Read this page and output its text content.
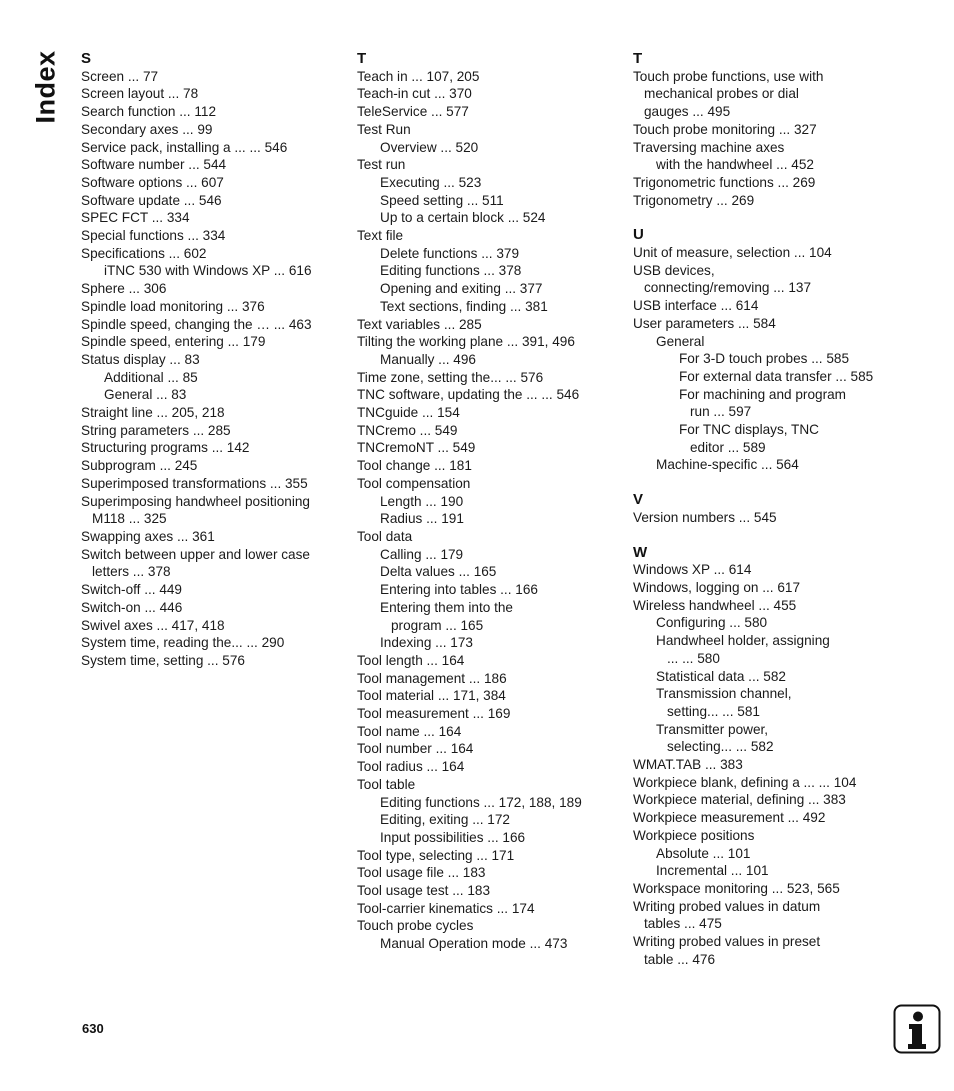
Index S
Screen ... 77
Screen layout ... 78
Search function ... 112
Secondary axes ... 99
Service pack, installing a ... ... 546
Software number ... 544
Software options ... 607
Software update ... 546
SPEC FCT ... 334
Special functions ... 334
Specifications ... 602
iTNC 530 with Windows XP ... 616
Sphere ... 306
Spindle load monitoring ... 376
Spindle speed, changing the … ... 463
Spindle speed, entering ... 179
Status display ... 83
Additional ... 85
General ... 83
Straight line ... 205, 218
String parameters ... 285
Structuring programs ... 142
Subprogram ... 245
Superimposed transformations ... 355
Superimposing handwheel positioning
M118 ... 325
Swapping axes ... 361
Switch between upper and lower case
letters ... 378
Switch-off ... 449
Switch-on ... 446
Swivel axes ... 417, 418
System time, reading the... ... 290
System time, setting ... 576
T
Teach in ... 107, 205
Teach-in cut ... 370
TeleService ... 577
Test Run
Overview ... 520
Test run
Executing ... 523
Speed setting ... 511
Up to a certain block ... 524
Text file
Delete functions ... 379
Editing functions ... 378
Opening and exiting ... 377
Text sections, finding ... 381
Text variables ... 285
Tilting the working plane ... 391, 496
Manually ... 496
Time zone, setting the... ... 576
TNC software, updating the ... ... 546
TNCguide ... 154
TNCremo ... 549
TNCremoNT ... 549
Tool change ... 181
Tool compensation
Length ... 190
Radius ... 191
Tool data
Calling ... 179
Delta values ... 165
Entering into tables ... 166
Entering them into the
program ... 165
Indexing ... 173
Tool length ... 164
Tool management ... 186
Tool material ... 171, 384
Tool measurement ... 169
Tool name ... 164
Tool number ... 164
Tool radius ... 164
Tool table
Editing functions ... 172, 188, 189
Editing, exiting ... 172
Input possibilities ... 166
Tool type, selecting ... 171
Tool usage file ... 183
Tool usage test ... 183
Tool-carrier kinematics ... 174
Touch probe cycles
Manual Operation mode ... 473
T
Touch probe functions, use with
mechanical probes or dial
gauges ... 495
Touch probe monitoring ... 327
Traversing machine axes
with the handwheel ... 452
Trigonometric functions ... 269
Trigonometry ... 269
U
Unit of measure, selection ... 104
USB devices,
connecting/removing ... 137
USB interface ... 614
User parameters ... 584
General
For 3-D touch probes ... 585
For external data transfer ... 585
For machining and program
run ... 597
For TNC displays, TNC
editor ... 589
Machine-specific ... 564
V
Version numbers ... 545
W
Windows XP ... 614
Windows, logging on ... 617
Wireless handwheel ... 455
Configuring ... 580
Handwheel holder, assigning
... ... 580
Statistical data ... 582
Transmission channel,
setting... ... 581
Transmitter power,
selecting... ... 582
WMAT.TAB ... 383
Workpiece blank, defining a ... ... 104
Workpiece material, defining ... 383
Workpiece measurement ... 492
Workpiece positions
Absolute ... 101
Incremental ... 101
Workspace monitoring ... 523, 565
Writing probed values in datum
tables ... 475
Writing probed values in preset
table ... 476
630
